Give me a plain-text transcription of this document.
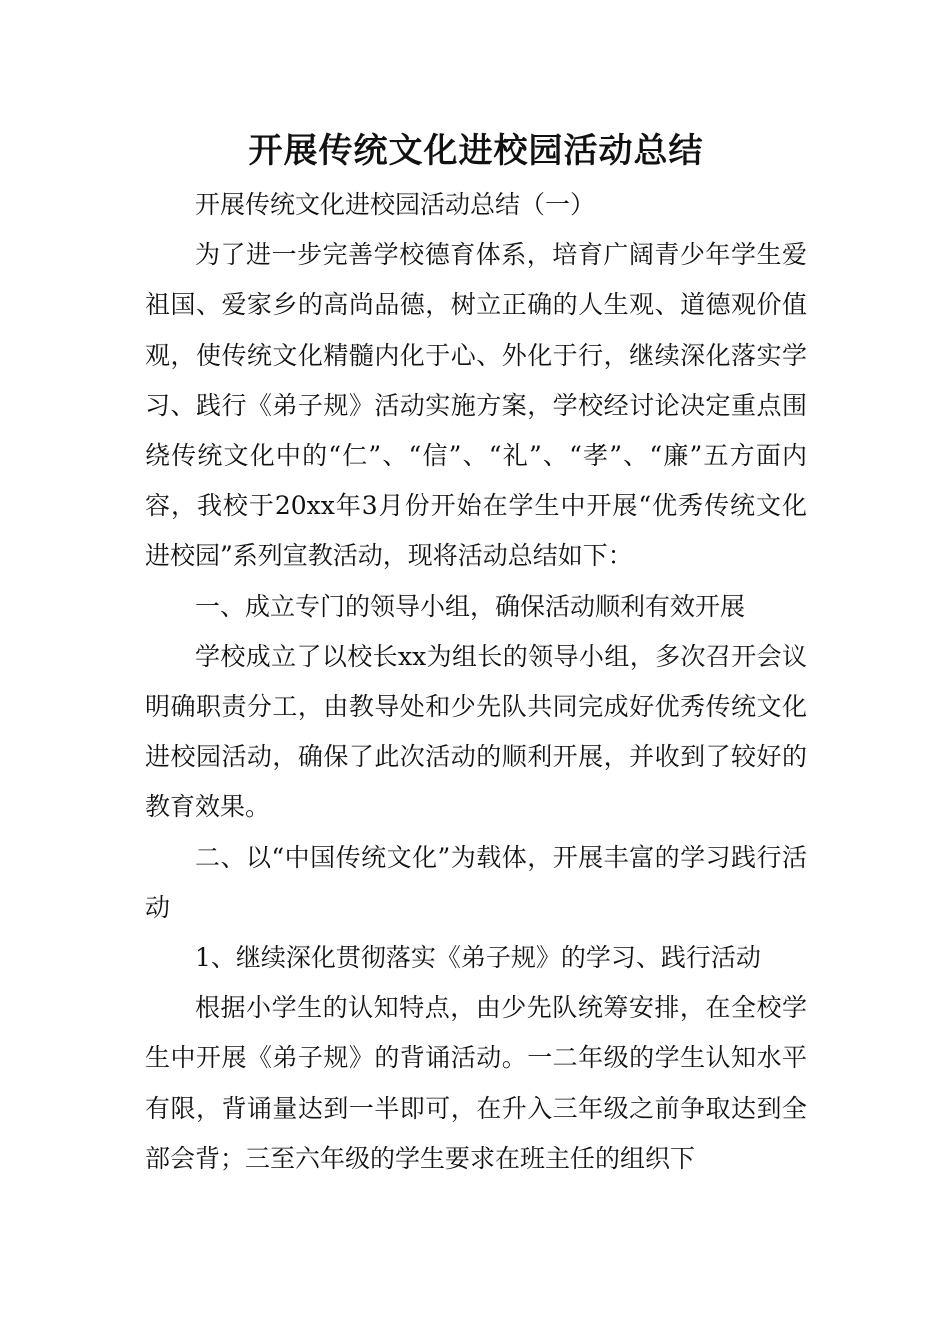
开展传统文化进校园活动总结

开展传统文化进校园活动总结（一）

为了进一步完善学校德育体系，培育广阔青少年学生爱祖国、爱家乡的高尚品德，树立正确的人生观、道德观价值观，使传统文化精髓内化于心、外化于行，继续深化落实学习、践行《弟子规》活动实施方案，学校经讨论决定重点围绕传统文化中的“仁”、“信”、“礼”、“孝”、“廉”五方面内容，我校于20xx年3月份开始在学生中开展“优秀传统文化进校园”系列宣教活动，现将活动总结如下：

一、成立专门的领导小组，确保活动顺利有效开展

学校成立了以校长xx为组长的领导小组，多次召开会议明确职责分工，由教导处和少先队共同完成好优秀传统文化进校园活动，确保了此次活动的顺利开展，并收到了较好的教育效果。

二、以“中国传统文化”为载体，开展丰富的学习践行活动

1、继续深化贯彻落实《弟子规》的学习、践行活动

根据小学生的认知特点，由少先队统筹安排，在全校学生中开展《弟子规》的背诵活动。一二年级的学生认知水平有限，背诵量达到一半即可，在升入三年级之前争取达到全部会背；三至六年级的学生要求在班主任的组织下
